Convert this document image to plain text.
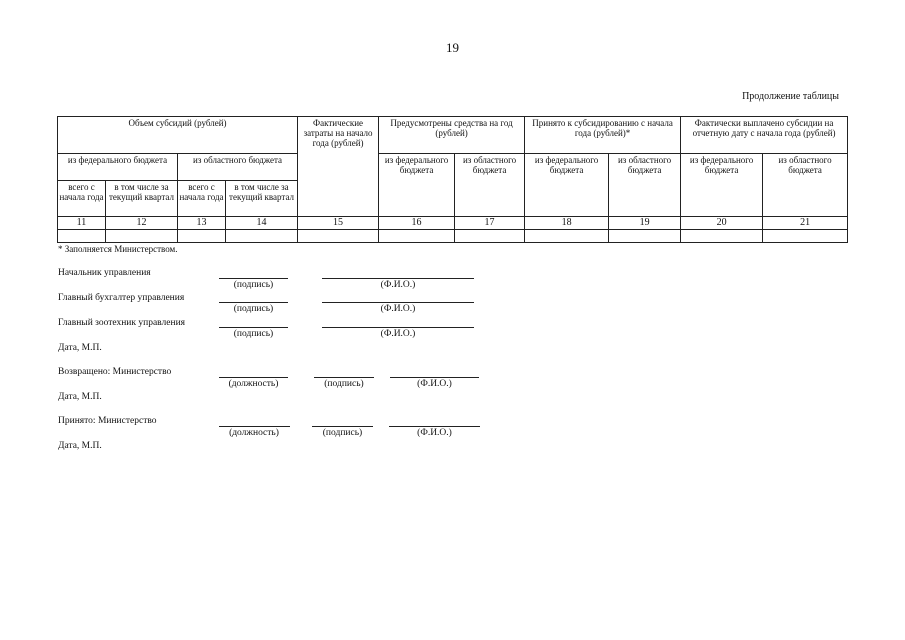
19
Продолжение таблицы
Объем субсидий (рублей)				Фактические затраты на начало года (рублей)	Предусмотрены средства на год (рублей)		Принято к субсидированию с начала года (рублей)*		Фактически выплачено субсидии на отчетную дату с начала года (рублей)	
из федерального бюджета		из областного бюджета			из федерального бюджета	из областного бюджета	из федерального бюджета	из областного бюджета	из федерального бюджета	из областного бюджета
всего с начала года	в том числе за текущий квартал	всего с начала года	в том числе за текущий квартал							
11	12	13	14	15	16	17	18	19	20	21

* Заполняется Министерством.
Начальник управления
(подпись)	(Ф.И.О.)
Главный бухгалтер управления
(подпись)	(Ф.И.О.)
Главный зоотехник управления
(подпись)	(Ф.И.О.)
Дата, М.П.
Возвращено: Министерство
(должность)	(подпись)	(Ф.И.О.)
Дата, М.П.
Принято: Министерство
(должность)	(подпись)	(Ф.И.О.)
Дата, М.П.
